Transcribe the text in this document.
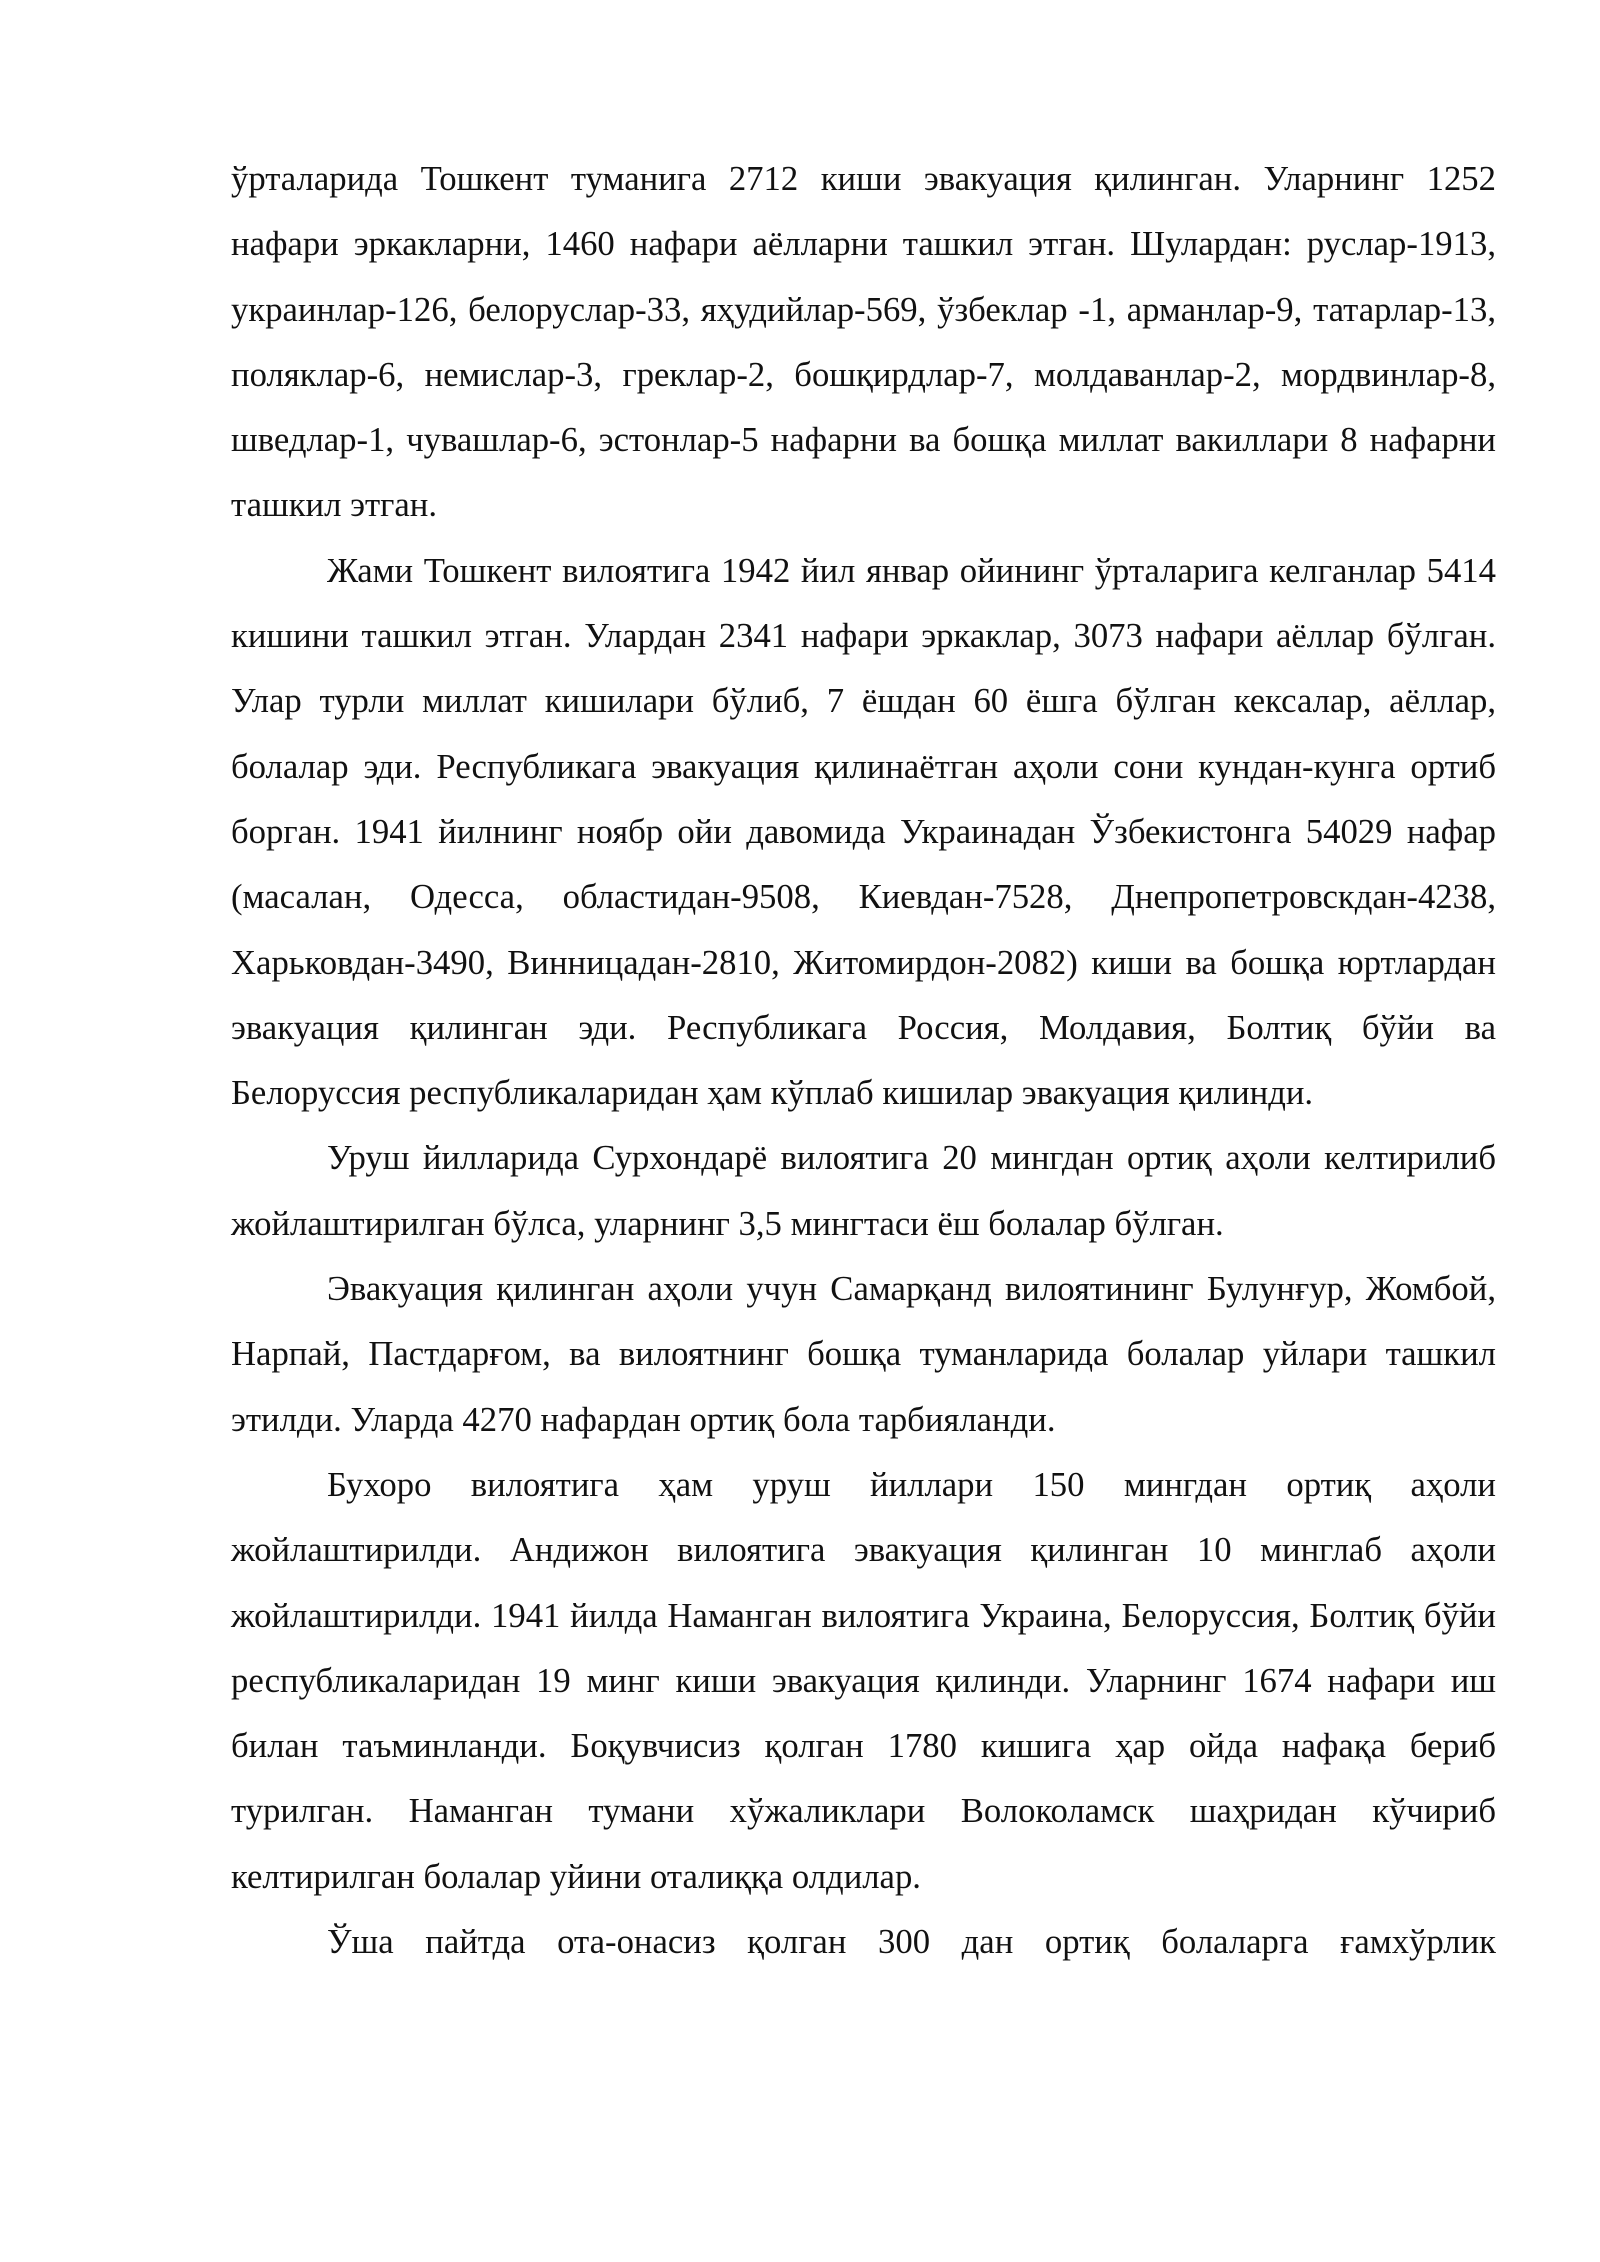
ўрталарида Тошкент туманига 2712 киши эвакуация қилинган. Уларнинг 1252 нафари эркакларни, 1460 нафари аёлларни ташкил этган. Шулардан: руслар-1913, украинлар-126, белоруслар-33, яҳудийлар-569, ўзбеклар -1, арманлар-9, татарлар-13, поляклар-6, немислар-3, греклар-2, бошқирдлар-7, молдаванлар-2, мордвинлар-8, шведлар-1, чувашлар-6, эстонлар-5 нафарни ва бошқа миллат вакиллари 8 нафарни ташкил этган.

Жами Тошкент вилоятига 1942 йил январ ойининг ўрталарига келганлар 5414 кишини ташкил этган. Улардан 2341 нафари эркаклар, 3073 нафари аёллар бўлган. Улар турли миллат кишилари бўлиб, 7 ёшдан 60 ёшга бўлган кексалар, аёллар, болалар эди. Республикага эвакуация қилинаётган аҳоли сони кундан-кунга ортиб борган. 1941 йилнинг ноябр ойи давомида Украинадан Ўзбекистонга 54029 нафар (масалан, Одесса, областидан-9508, Киевдан-7528, Днепропетровскдан-4238, Харьковдан-3490, Винницадан-2810, Житомирдон-2082) киши ва бошқа юртлардан эвакуация қилинган эди. Республикага Россия, Молдавия, Болтиқ бўйи ва Белоруссия республикаларидан ҳам кўплаб кишилар эвакуация қилинди.

Уруш йилларида Сурхондарё вилоятига 20 мингдан ортиқ аҳоли келтирилиб жойлаштирилган бўлса, уларнинг 3,5 мингтаси ёш болалар бўлган.

Эвакуация қилинган аҳоли учун Самарқанд вилоятининг Булунғур, Жомбой, Нарпай, Пастдарғом, ва вилоятнинг бошқа туманларида болалар уйлари ташкил этилди. Уларда 4270 нафардан ортиқ бола тарбияланди.

Бухоро вилоятига ҳам уруш йиллари 150 мингдан ортиқ аҳоли жойлаштирилди. Андижон вилоятига эвакуация қилинган 10 минглаб аҳоли жойлаштирилди. 1941 йилда Наманган вилоятига Украина, Белоруссия, Болтиқ бўйи республикаларидан 19 минг киши эвакуация қилинди. Уларнинг 1674 нафари иш билан таъминланди. Боқувчисиз қолган 1780 кишига ҳар ойда нафақа бериб турилган. Наманган тумани хўжаликлари Волоколамск шаҳридан кўчириб келтирилган болалар уйини оталиққа олдилар.

Ўша пайтда ота-онасиз қолган 300 дан ортиқ болаларга ғамхўрлик
